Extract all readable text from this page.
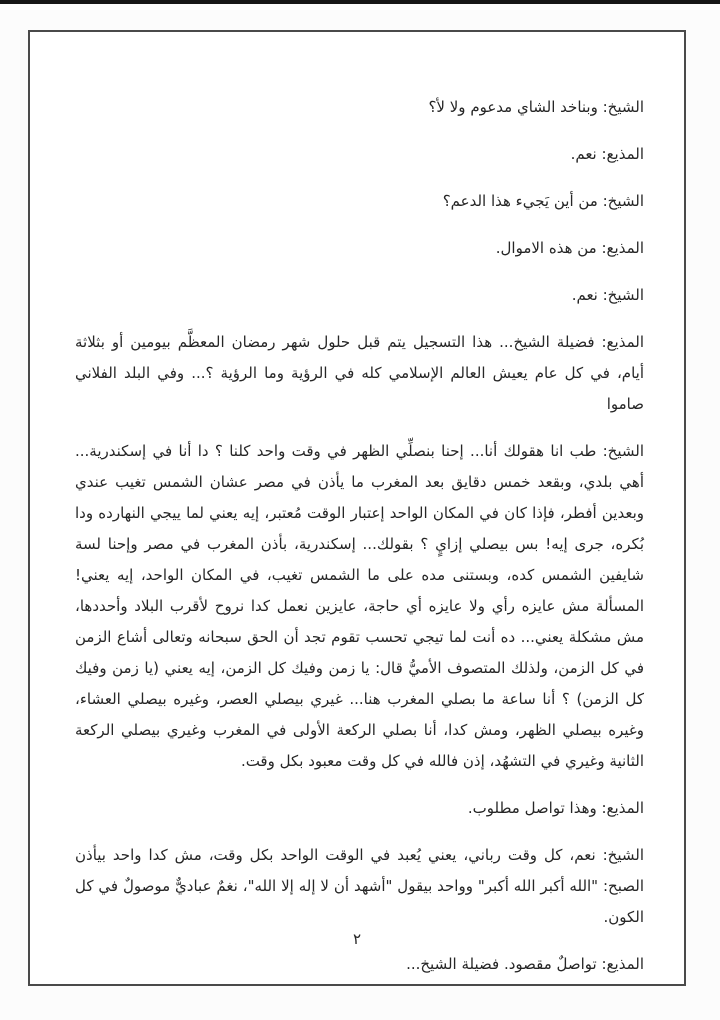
الشيخ: وبناخد الشاي مدعوم ولا لأ؟

المذيع: نعم.

الشيخ: من أين يَجيء هذا الدعم؟

المذيع: من هذه الاموال.

الشيخ: نعم.

المذيع: فضيلة الشيخ... هذا التسجيل يتم قبل حلول شهر رمضان المعظَّم بيومين أو بثلاثة أيام، في كل عام يعيش العالم الإسلامي كله في الرؤية وما الرؤية ؟... وفي البلد الفلاني صاموا

الشيخ: طب انا هقولك أنا... إحنا بنصلِّي الظهر في وقت واحد كلنا ؟ دا أنا في إسكندرية... أهي بلدي، وبقعد خمس دقايق بعد المغرب ما يأذن في مصر عشان الشمس تغيب عندي وبعدين أفطر، فإذا كان في المكان الواحد إعتبار الوقت مُعتبر، إيه يعني لما ييجي النهارده ودا بُكره، جرى إيه! بس بيصلي إزايٍ ؟ بقولك... إسكندرية، بأذن المغرب في مصر وإحنا لسة شايفين الشمس كده، وبستنى مده على ما الشمس تغيب، في المكان الواحد، إيه يعني! المسألة مش عايزه رأي ولا عايزه أي حاجة، عايزين نعمل كدا نروح لأقرب البلاد وأحددها، مش مشكلة يعني... ده أنت لما تيجي تحسب تقوم تجد أن الحق سبحانه وتعالى أشاع الزمن في كل الزمن، ولذلك المتصوف الأميُّ قال: يا زمن وفيك كل الزمن، إيه يعني (يا زمن وفيك كل الزمن) ؟ أنا ساعة ما بصلي المغرب هنا... غيري بيصلي العصر، وغيره بيصلي العشاء، وغيره بيصلي الظهر، ومش كدا، أنا بصلي الركعة الأولى في المغرب وغيري بيصلي الركعة الثانية وغيري في التشهُد، إذن فالله في كل وقت معبود بكل وقت.

المذيع: وهذا تواصل مطلوب.

الشيخ: نعم، كل وقت رباني، يعني يُعبد في الوقت الواحد بكل وقت، مش كدا واحد بيأذن الصبح: "الله أكبر الله أكبر" وواحد بيقول "أشهد أن لا إله إلا الله"، نغمٌ عباديٌّ موصولٌ في كل الكون.

المذيع: تواصلٌ مقصود. فضيلة الشيخ...

٢
